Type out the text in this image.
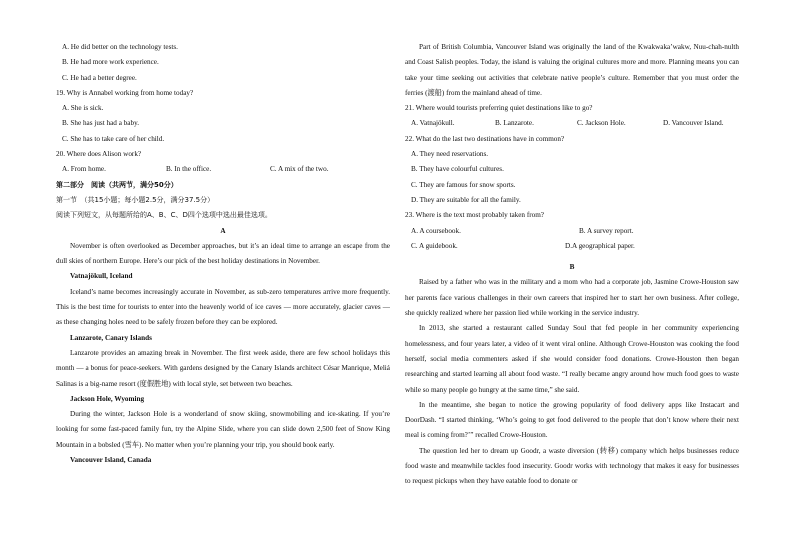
A. He did better on the technology tests.
B. He had more work experience.
C. He had a better degree.
19. Why is Annabel working from home today?
A. She is sick.
B. She has just had a baby.
C. She has to take care of her child.
20. Where does Alison work?
A. From home.	B. In the office.	C. A mix of the two.
第二部分　阅读（共两节，满分50分）
第一节　（共15小题；每小题2.5分，满分37.5分）
阅读下列短文，从每题所给的A、B、C、D四个选项中选出最佳选项。
A
November is often overlooked as December approaches, but it’s an ideal time to arrange an escape from the dull skies of northern Europe. Here’s our pick of the best holiday destinations in November.
Vatnajökull, Iceland
Iceland’s name becomes increasingly accurate in November, as sub-zero temperatures arrive more frequently. This is the best time for tourists to enter into the heavenly world of ice caves — more accurately, glacier caves — as these changing holes need to be safely frozen before they can be explored.
Lanzarote, Canary Islands
Lanzarote provides an amazing break in November. The first week aside, there are few school holidays this month — a bonus for peace-seekers. With gardens designed by the Canary Islands architect César Manrique, Meliá Salinas is a big-name resort (度假胜地) with local style, set between two beaches.
Jackson Hole, Wyoming
During the winter, Jackson Hole is a wonderland of snow skiing, snowmobiling and ice-skating. If you’re looking for some fast-paced family fun, try the Alpine Slide, where you can slide down 2,500 feet of Snow King Mountain in a bobsled (雪车). No matter when you’re planning your trip, you should book early.
Vancouver Island, Canada
Part of British Columbia, Vancouver Island was originally the land of the Kwakwaka’wakw, Nuu-chah-nulth and Coast Salish peoples. Today, the island is valuing the original cultures more and more. Planning means you can take your time seeking out activities that celebrate native people’s culture. Remember that you must order the ferries (渡船) from the mainland ahead of time.
21. Where would tourists preferring quiet destinations like to go?
A. Vatnajökull.	B. Lanzarote.	C. Jackson Hole.	D. Vancouver Island.
22. What do the last two destinations have in common?
A. They need reservations.
B. They have colourful cultures.
C. They are famous for snow sports.
D. They are suitable for all the family.
23. Where is the text most probably taken from?
A. A coursebook.	B. A survey report.
C. A guidebook.	D.A geographical paper.
B
Raised by a father who was in the military and a mom who had a corporate job, Jasmine Crowe-Houston saw her parents face various challenges in their own careers that inspired her to start her own business. After college, she quickly realized where her passion lied while working in the service industry.
In 2013, she started a restaurant called Sunday Soul that fed people in her community experiencing homelessness, and four years later, a video of it went viral online. Although Crowe-Houston was cooking the food herself, social media commenters asked if she would consider food donations. Crowe-Houston then began researching and started learning all about food waste. “I really became angry around how much food goes to waste while so many people go hungry at the same time,” she said.
In the meantime, she began to notice the growing popularity of food delivery apps like Instacart and DoorDash. “I started thinking, ‘Who’s going to get food delivered to the people that don’t know where their next meal is coming from?’” recalled Crowe-Houston.
The question led her to dream up Goodr, a waste diversion (转移) company which helps businesses reduce food waste and meanwhile tackles food insecurity. Goodr works with technology that makes it easy for businesses to request pickups when they have eatable food to donate or
